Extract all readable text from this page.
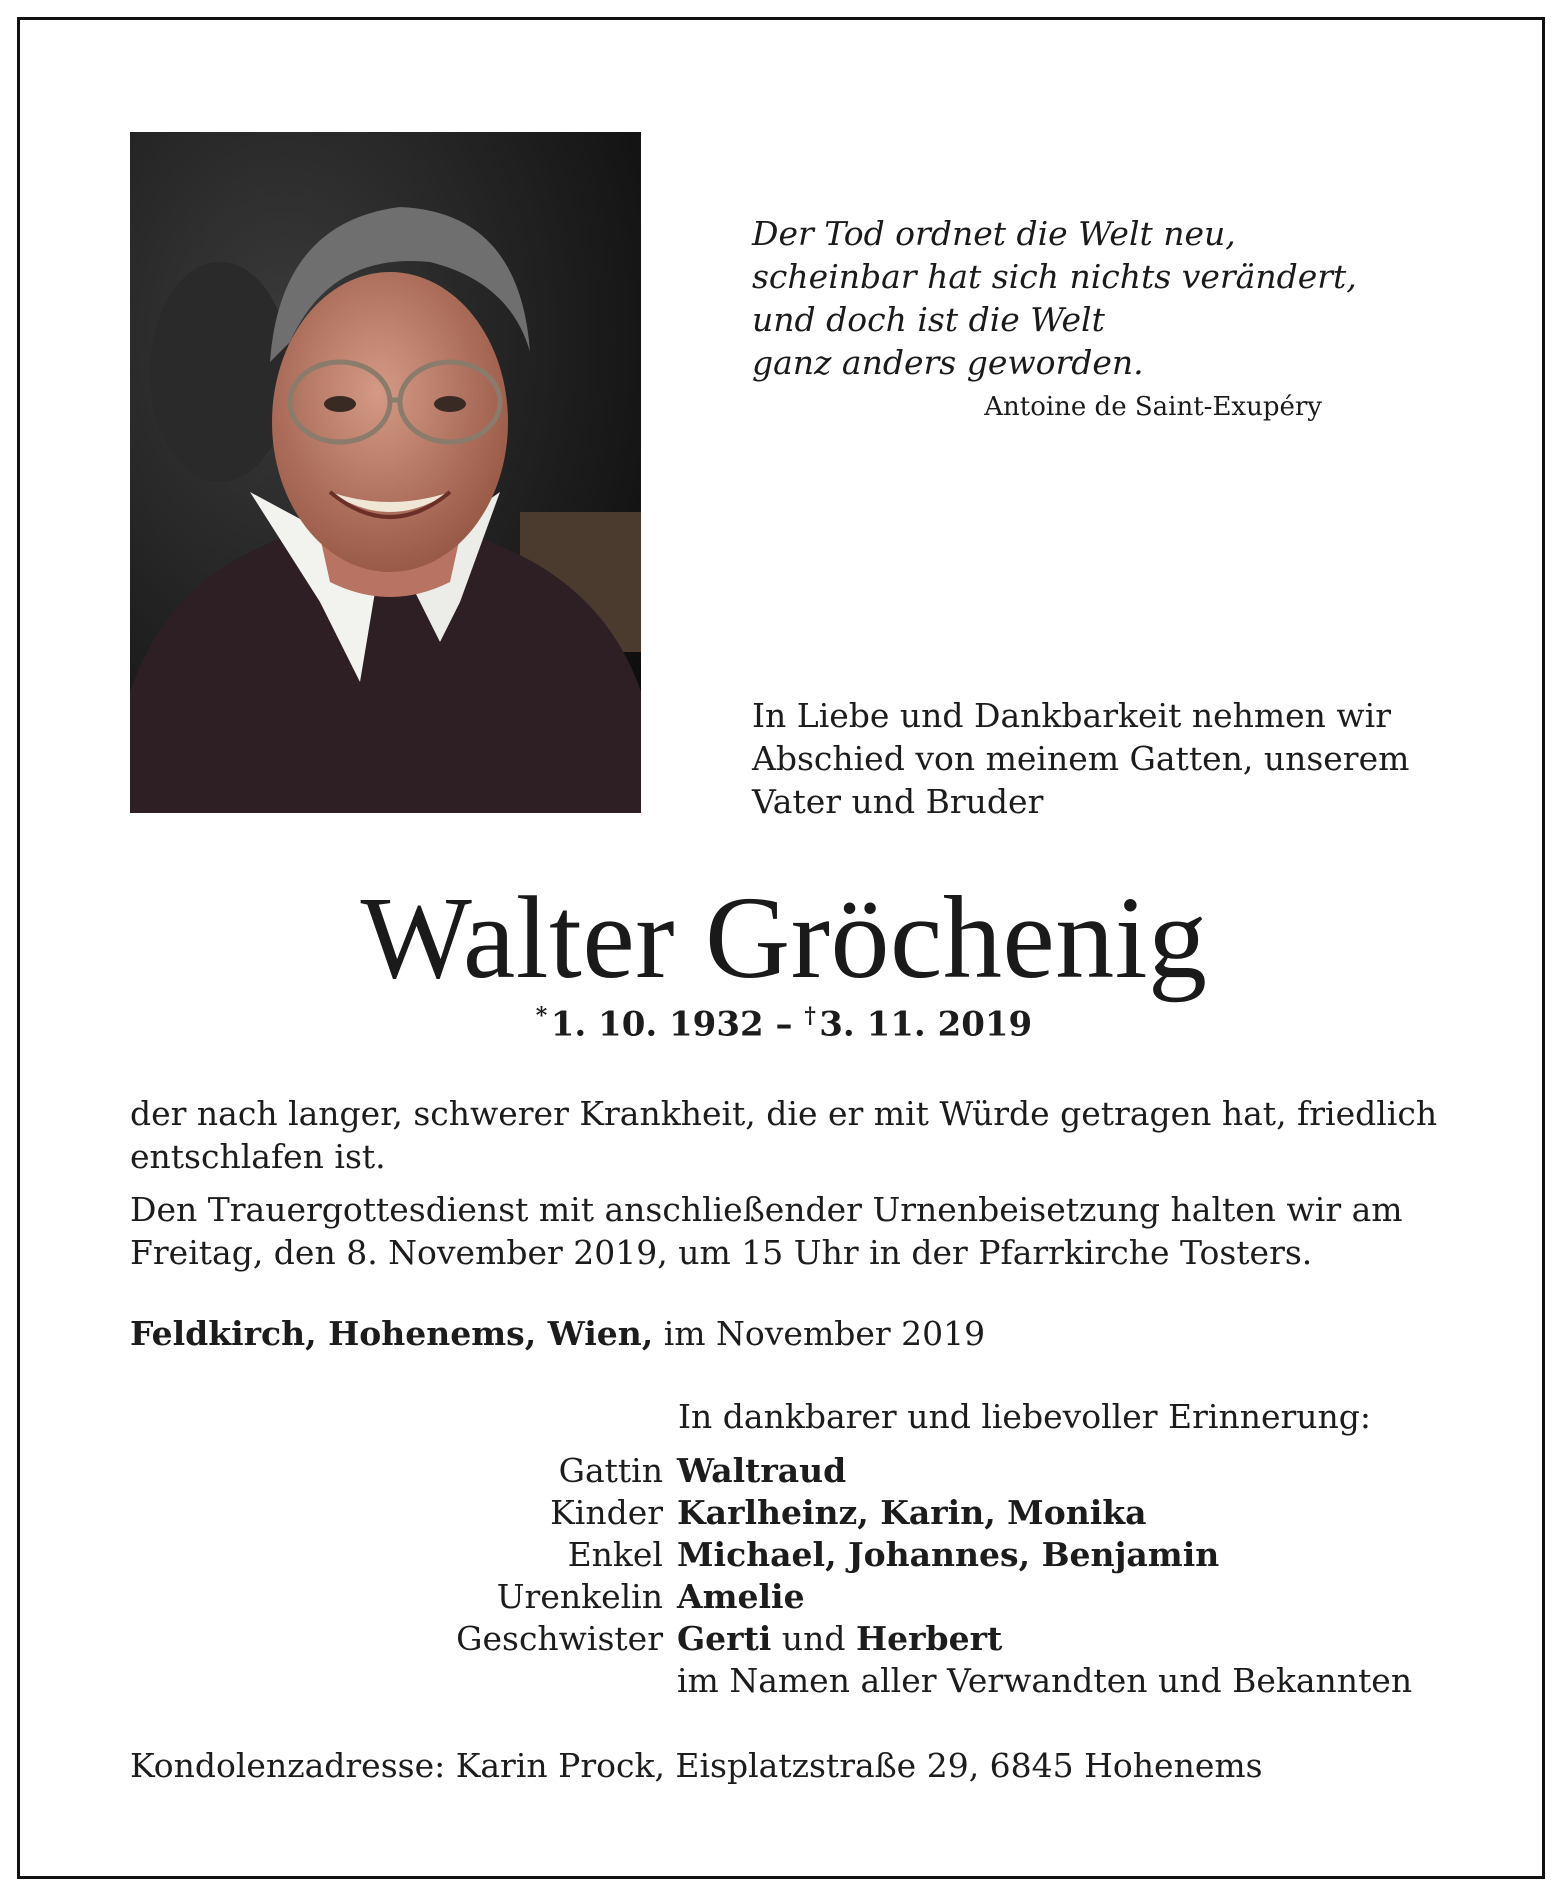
Der Tod ordnet die Welt neu,
scheinbar hat sich nichts verändert,
und doch ist die Welt
ganz anders geworden.
Antoine de Saint-Exupéry
In Liebe und Dankbarkeit nehmen wir
Abschied von meinem Gatten, unserem
Vater und Bruder
Walter Gröchenig
* 1. 10. 1932 – † 3. 11. 2019

der nach langer, schwerer Krankheit, die er mit Würde getragen hat, friedlich
entschlafen ist.

Den Trauergottesdienst mit anschließender Urnenbeisetzung halten wir am
Freitag, den 8. November 2019, um 15 Uhr in der Pfarrkirche Tosters.

Feldkirch, Hohenems, Wien, im November 2019
In dankbarer und liebevoller Erinnerung:
Gattin Waltraud
Kinder Karlheinz, Karin, Monika
Enkel Michael, Johannes, Benjamin
Urenkelin Amelie
Geschwister Gerti und Herbert
im Namen aller Verwandten und Bekannten
Kondolenzadresse: Karin Prock, Eisplatzstraße 29, 6845 Hohenems
